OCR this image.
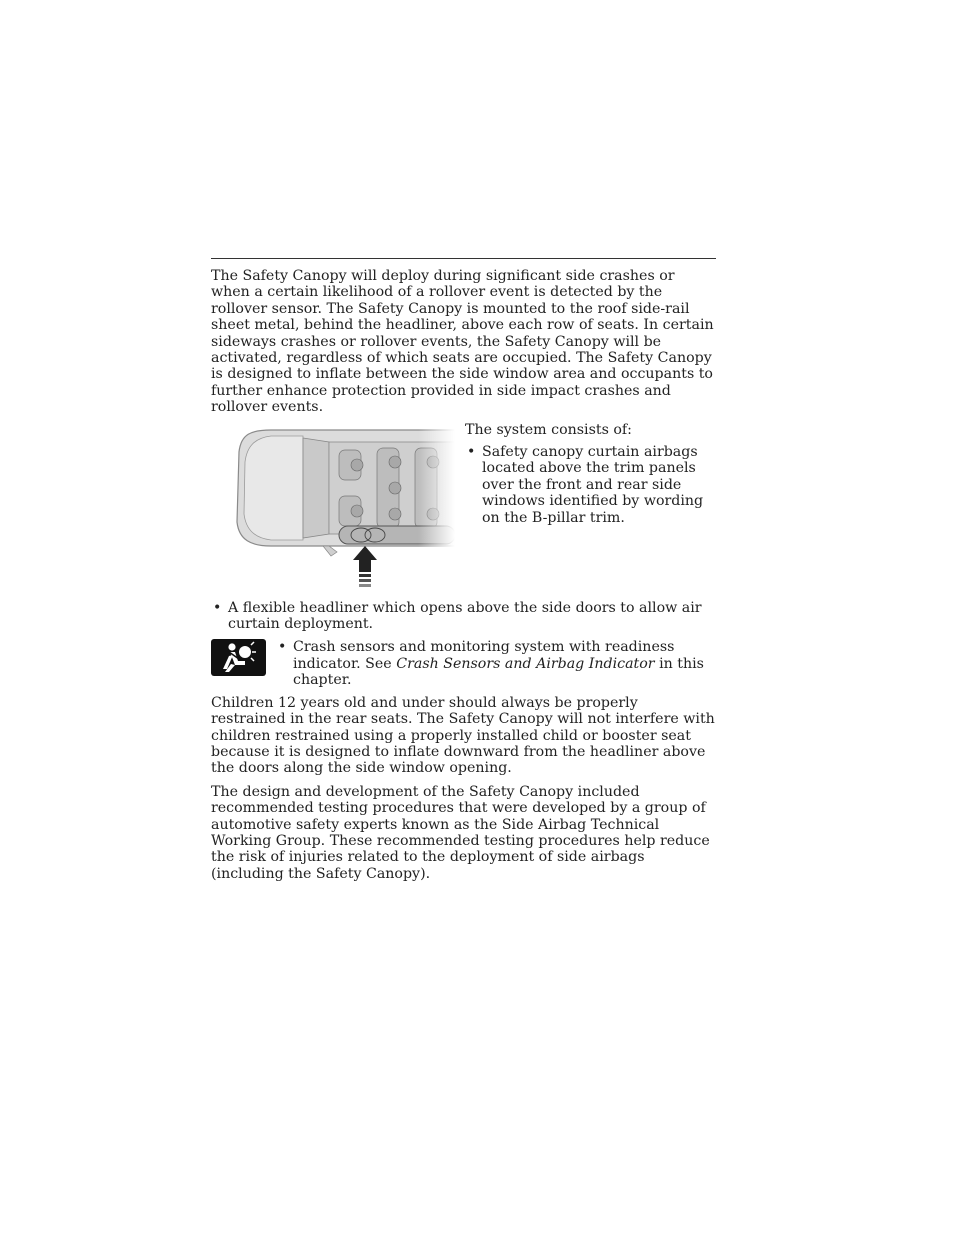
The Safety Canopy will deploy during significant side crashes or when a certain likelihood of a rollover event is detected by the rollover sensor. The Safety Canopy is mounted to the roof side-rail sheet metal, behind the headliner, above each row of seats. In certain sideways crashes or rollover events, the Safety Canopy will be activated, regardless of which seats are occupied. The Safety Canopy is designed to inflate between the side window area and occupants to further enhance protection provided in side impact crashes and rollover events.

The system consists of:

• Safety canopy curtain airbags located above the trim panels over the front and rear side windows identified by wording on the B-pillar trim.
• A flexible headliner which opens above the side doors to allow air curtain deployment.
• Crash sensors and monitoring system with readiness indicator. See Crash Sensors and Airbag Indicator in this chapter.

Children 12 years old and under should always be properly restrained in the rear seats. The Safety Canopy will not interfere with children restrained using a properly installed child or booster seat because it is designed to inflate downward from the headliner above the doors along the side window opening.

The design and development of the Safety Canopy included recommended testing procedures that were developed by a group of automotive safety experts known as the Side Airbag Technical Working Group. These recommended testing procedures help reduce the risk of injuries related to the deployment of side airbags (including the Safety Canopy).
